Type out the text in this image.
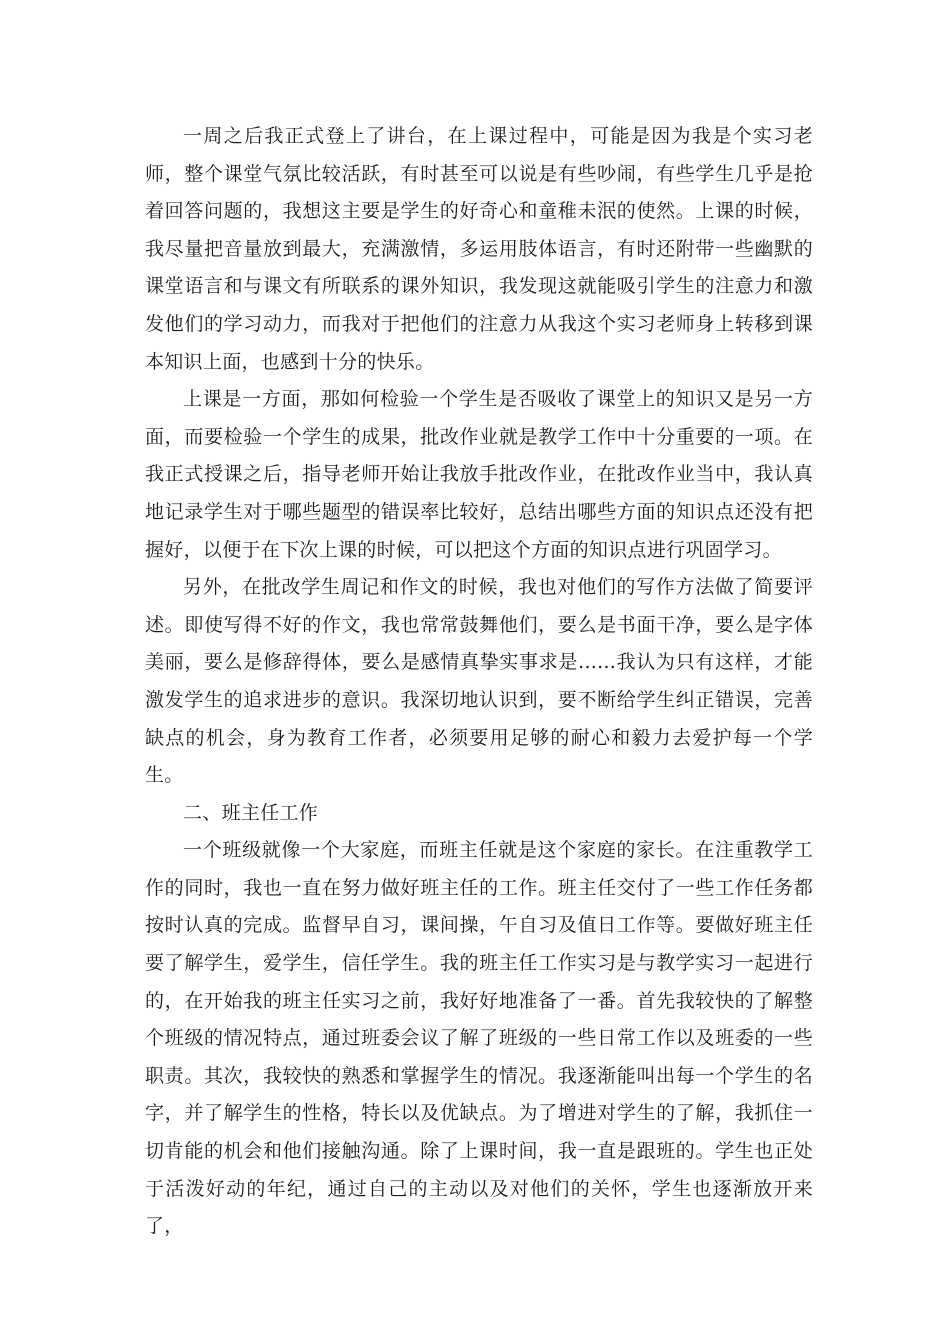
一周之后我正式登上了讲台，在上课过程中，可能是因为我是个实习老师，整个课堂气氛比较活跃，有时甚至可以说是有些吵闹，有些学生几乎是抢着回答问题的，我想这主要是学生的好奇心和童稚未泯的使然。上课的时候，我尽量把音量放到最大，充满激情，多运用肢体语言，有时还附带一些幽默的课堂语言和与课文有所联系的课外知识，我发现这就能吸引学生的注意力和激发他们的学习动力，而我对于把他们的注意力从我这个实习老师身上转移到课本知识上面，也感到十分的快乐。

上课是一方面，那如何检验一个学生是否吸收了课堂上的知识又是另一方面，而要检验一个学生的成果，批改作业就是教学工作中十分重要的一项。在我正式授课之后，指导老师开始让我放手批改作业，在批改作业当中，我认真地记录学生对于哪些题型的错误率比较好，总结出哪些方面的知识点还没有把握好，以便于在下次上课的时候，可以把这个方面的知识点进行巩固学习。

另外，在批改学生周记和作文的时候，我也对他们的写作方法做了简要评述。即使写得不好的作文，我也常常鼓舞他们，要么是书面干净，要么是字体美丽，要么是修辞得体，要么是感情真挚实事求是......我认为只有这样，才能激发学生的追求进步的意识。我深切地认识到，要不断给学生纠正错误，完善缺点的机会，身为教育工作者，必须要用足够的耐心和毅力去爱护每一个学生。

二、班主任工作

一个班级就像一个大家庭，而班主任就是这个家庭的家长。在注重教学工作的同时，我也一直在努力做好班主任的工作。班主任交付了一些工作任务都按时认真的完成。监督早自习，课间操，午自习及值日工作等。要做好班主任要了解学生，爱学生，信任学生。我的班主任工作实习是与教学实习一起进行的，在开始我的班主任实习之前，我好好地准备了一番。首先我较快的了解整个班级的情况特点，通过班委会议了解了班级的一些日常工作以及班委的一些职责。其次，我较快的熟悉和掌握学生的情况。我逐渐能叫出每一个学生的名字，并了解学生的性格，特长以及优缺点。为了增进对学生的了解，我抓住一切肯能的机会和他们接触沟通。除了上课时间，我一直是跟班的。学生也正处于活泼好动的年纪，通过自己的主动以及对他们的关怀，学生也逐渐放开来了，
